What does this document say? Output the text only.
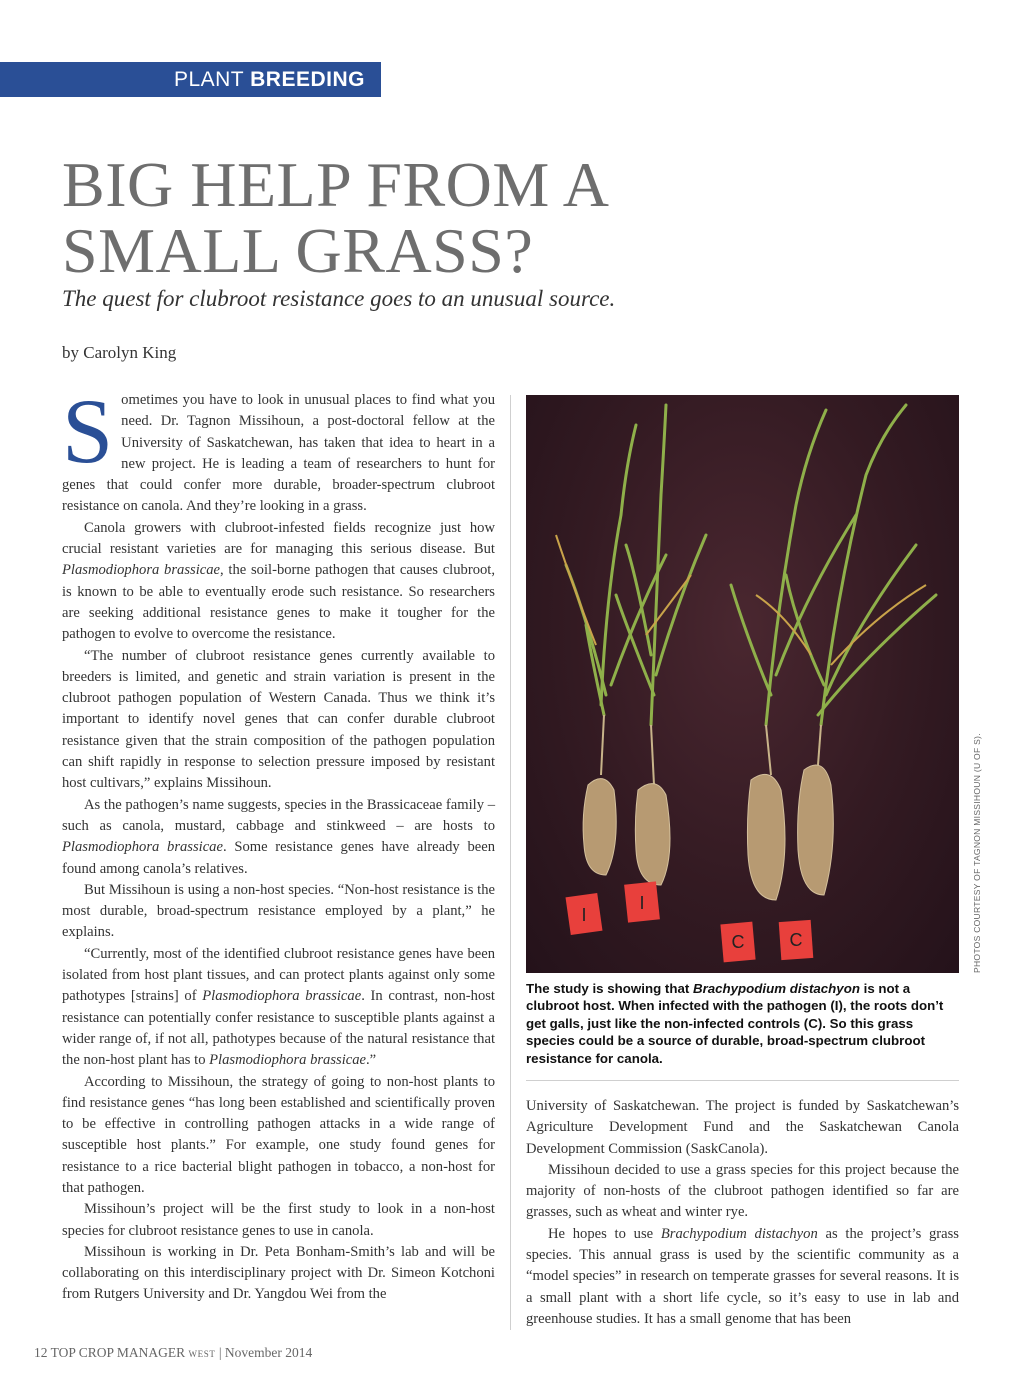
PLANT BREEDING
BIG HELP FROM A
SMALL GRASS?

The quest for clubroot resistance goes to an unusual source.

by Carolyn King

Sometimes you have to look in unusual places to find what you need. Dr. Tagnon Missihoun, a post-doctoral fellow at the University of Saskatchewan, has taken that idea to heart in a new project. He is leading a team of researchers to hunt for genes that could confer more durable, broader-spectrum clubroot resistance on canola. And they’re looking in a grass.

Canola growers with clubroot-infested fields recognize just how crucial resistant varieties are for managing this serious disease. But Plasmodiophora brassicae, the soil-borne pathogen that causes clubroot, is known to be able to eventually erode such resistance. So researchers are seeking additional resistance genes to make it tougher for the pathogen to evolve to overcome the resistance.

“The number of clubroot resistance genes currently available to breeders is limited, and genetic and strain variation is present in the clubroot pathogen population of Western Canada. Thus we think it’s important to identify novel genes that can confer durable clubroot resistance given that the strain composition of the pathogen population can shift rapidly in response to selection pressure imposed by resistant host cultivars,” explains Missihoun.

As the pathogen’s name suggests, species in the Brassicaceae family – such as canola, mustard, cabbage and stinkweed – are hosts to Plasmodiophora brassicae. Some resistance genes have already been found among canola’s relatives.

But Missihoun is using a non-host species. “Non-host resistance is the most durable, broad-spectrum resistance employed by a plant,” he explains.

“Currently, most of the identified clubroot resistance genes have been isolated from host plant tissues, and can protect plants against only some pathotypes [strains] of Plasmodiophora brassicae. In contrast, non-host resistance can potentially confer resistance to susceptible plants against a wider range of, if not all, pathotypes because of the natural resistance that the non-host plant has to Plasmodiophora brassicae.”

According to Missihoun, the strategy of going to non-host plants to find resistance genes “has long been established and scientifically proven to be effective in controlling pathogen attacks in a wide range of susceptible host plants.” For example, one study found genes for resistance to a rice bacterial blight pathogen in tobacco, a non-host for that pathogen.

Missihoun’s project will be the first study to look in a non-host species for clubroot resistance genes to use in canola.

Missihoun is working in Dr. Peta Bonham-Smith’s lab and will be collaborating on this interdisciplinary project with Dr. Simeon Kotchoni from Rutgers University and Dr. Yangdou Wei from the

I
I
C	C	PHOTOS COURTESY OF TAGNON MISSIHOUN (U OF S).

The study is showing that Brachypodium distachyon is not a clubroot host. When infected with the pathogen (I), the roots don’t get galls, just like the non-infected controls (C). So this grass species could be a source of durable, broad-spectrum clubroot resistance for canola.

University of Saskatchewan. The project is funded by Saskatchewan’s Agriculture Development Fund and the Saskatchewan Canola Development Commission (SaskCanola).

Missihoun decided to use a grass species for this project because the majority of non-hosts of the clubroot pathogen identified so far are grasses, such as wheat and winter rye.

He hopes to use Brachypodium distachyon as the project’s grass species. This annual grass is used by the scientific community as a “model species” in research on temperate grasses for several reasons. It is a small plant with a short life cycle, so it’s easy to use in lab and greenhouse studies. It has a small genome that has been

12 TOP CROP MANAGER WEST | November 2014
